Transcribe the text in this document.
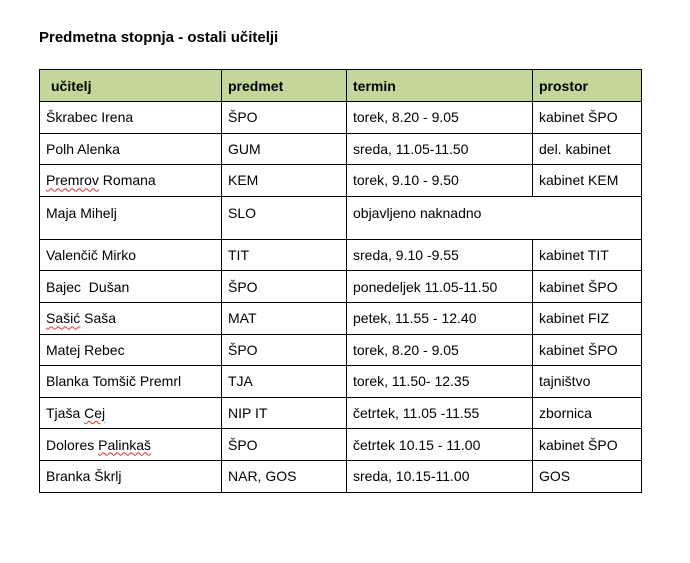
Predmetna stopnja - ostali učitelji
učitelj	predmet	termin	prostor
Škrabec Irena	ŠPO	torek, 8.20 - 9.05	kabinet ŠPO
Polh Alenka	GUM	sreda, 11.05-11.50	del. kabinet
Premrov Romana	KEM	torek, 9.10 - 9.50	kabinet KEM
Maja Mihelj	SLO	objavljeno naknadno	
Valenčič Mirko	TIT	sreda, 9.10 -9.55	kabinet TIT
Bajec  Dušan	ŠPO	ponedeljek 11.05-11.50	kabinet ŠPO
Sašić Saša	MAT	petek, 11.55 - 12.40	kabinet FIZ
Matej Rebec	ŠPO	torek, 8.20 - 9.05	kabinet ŠPO
Blanka Tomšič Premrl	TJA	torek, 11.50- 12.35	tajništvo
Tjaša Cej	NIP IT	četrtek, 11.05 -11.55	zbornica
Dolores Palinkaš	ŠPO	četrtek 10.15 - 11.00	kabinet ŠPO
Branka Škrlj	NAR, GOS	sreda, 10.15-11.00	GOS
